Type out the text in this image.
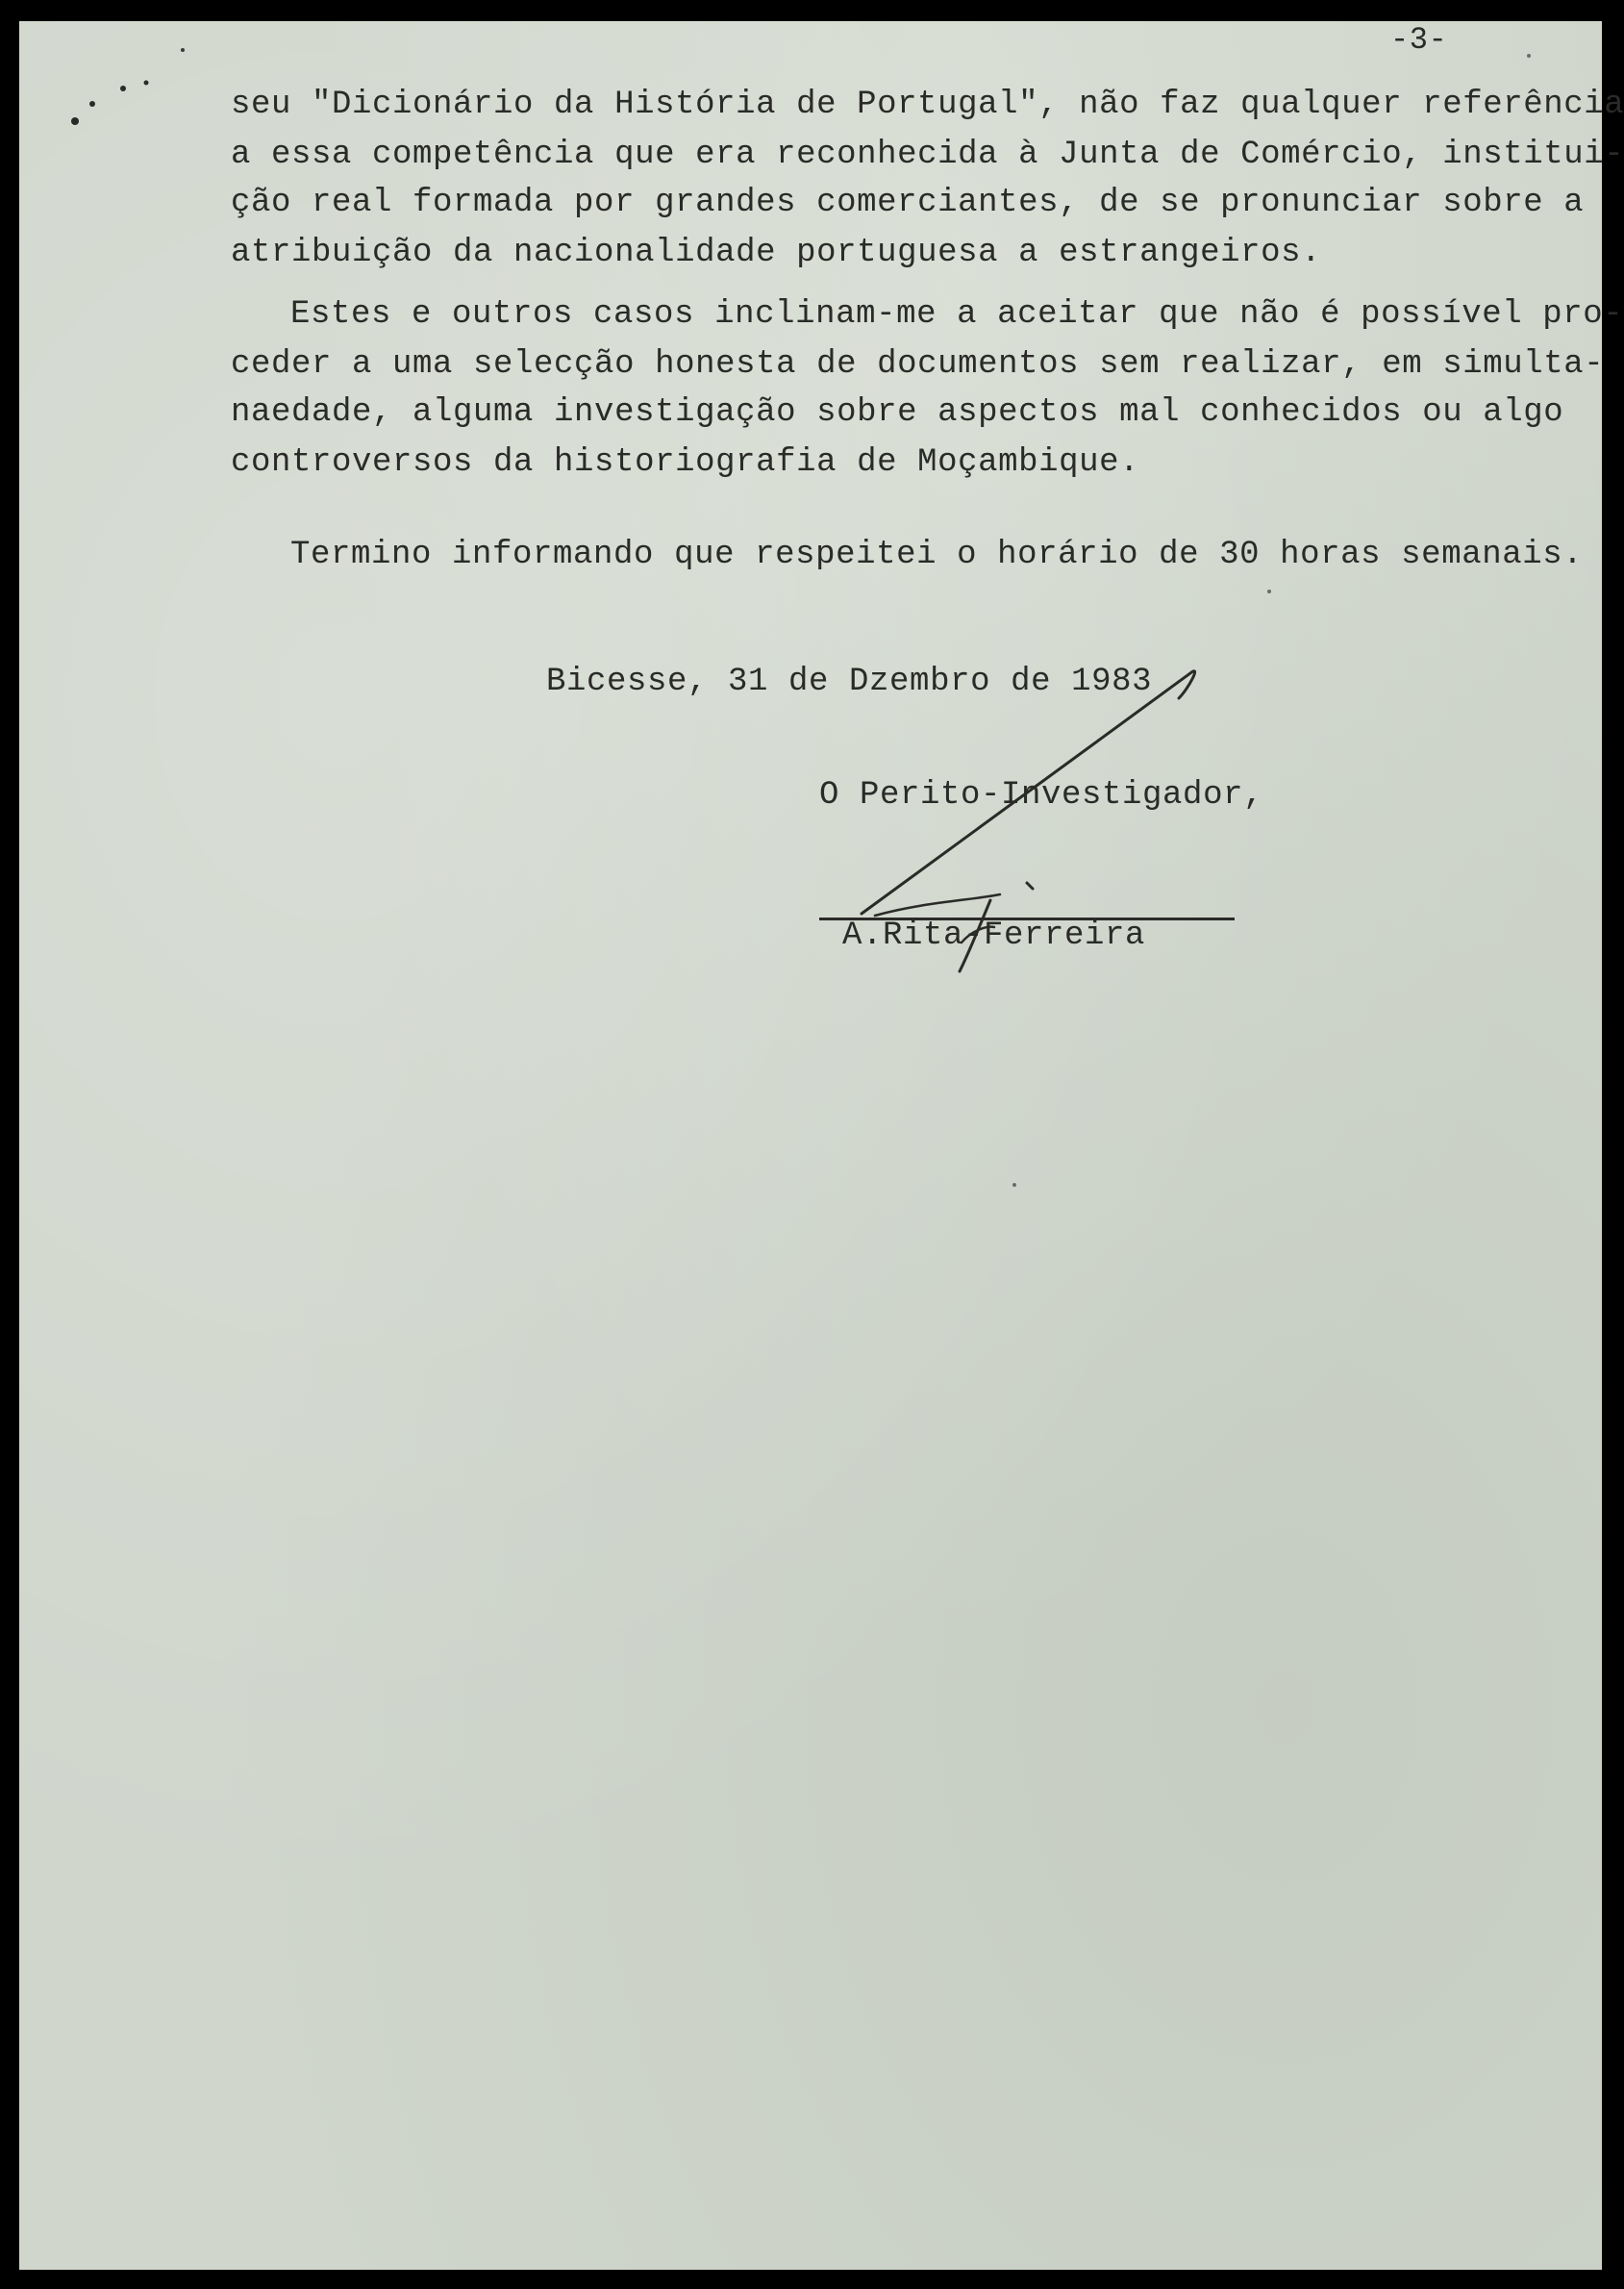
-3-

seu "Dicionário da História de Portugal", não faz qualquer referência

a essa competência que era reconhecida à Junta de Comércio, institui-

ção real formada por grandes comerciantes, de se pronunciar sobre a

atribuição da nacionalidade portuguesa a estrangeiros.

Estes e outros casos inclinam-me a aceitar que não é possível pro-

ceder a uma selecção honesta de documentos sem realizar, em simulta-

naedade, alguma investigação sobre aspectos mal conhecidos ou algo

controversos da historiografia de Moçambique.

Termino informando que respeitei o horário de 30 horas semanais.

Bicesse, 31 de Dzembro de 1983

O Perito-Investigador,

A.Rita-Ferreira
